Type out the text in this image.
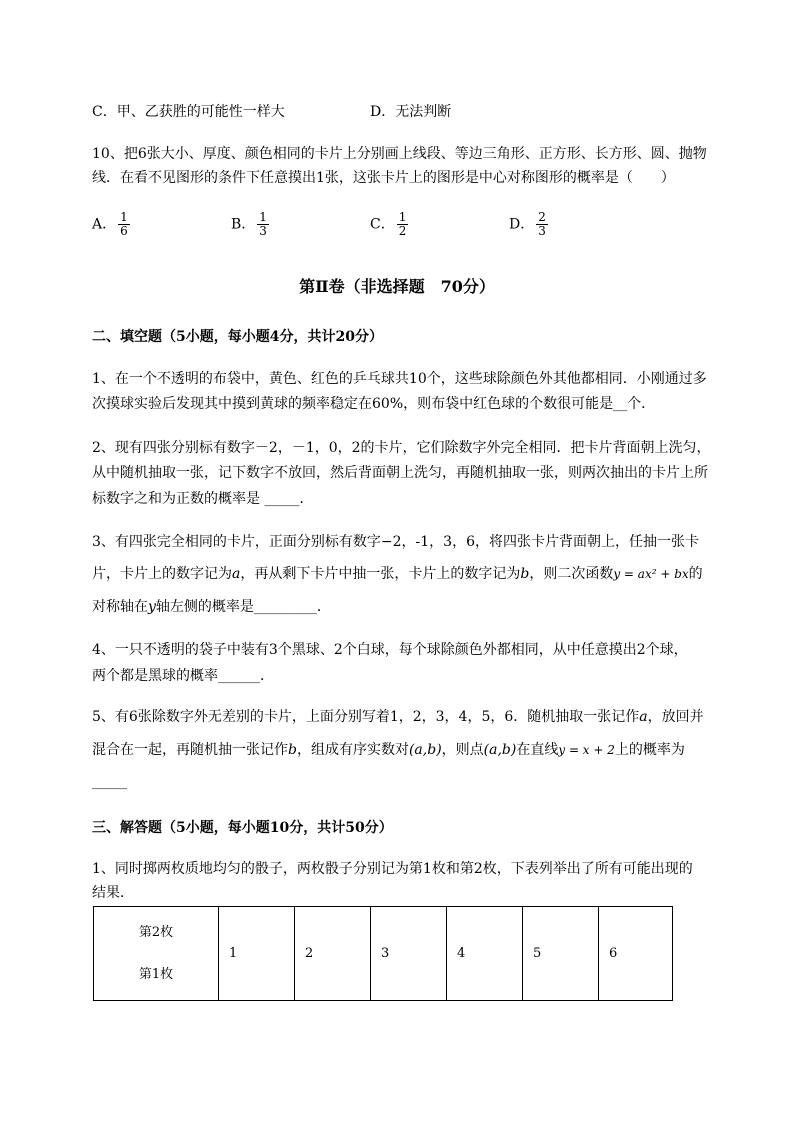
C．甲、乙获胜的可能性一样大	D．无法判断
10、把6张大小、厚度、颜色相同的卡片上分别画上线段、等边三角形、正方形、长方形、圆、抛物
线．在看不见图形的条件下任意摸出1张，这张卡片上的图形是中心对称图形的概率是（　　）
A． $\frac{1}{6}$	B． $\frac{1}{3}$	C． $\frac{1}{2}$	D． $\frac{2}{3}$
第Ⅱ卷（非选择题　70分）
二、填空题（5小题，每小题4分，共计20分）
1、在一个不透明的布袋中，黄色、红色的乒乓球共10个，这些球除颜色外其他都相同．小刚通过多
次摸球实验后发现其中摸到黄球的频率稳定在60%，则布袋中红色球的个数很可能是__个．
2、现有四张分别标有数字－2，－1，0，2的卡片，它们除数字外完全相同．把卡片背面朝上洗匀，
从中随机抽取一张，记下数字不放回，然后背面朝上洗匀，再随机抽取一张，则两次抽出的卡片上所
标数字之和为正数的概率是 _____．
3、有四张完全相同的卡片，正面分别标有数字−2，-1，3，6，将四张卡片背面朝上，任抽一张卡
片，卡片上的数字记为a，再从剩下卡片中抽一张，卡片上的数字记为b，则二次函数y = ax² + bx的
对称轴在y轴左侧的概率是_________．
4、一只不透明的袋子中装有3个黑球、2个白球，每个球除颜色外都相同，从中任意摸出2个球，
两个都是黑球的概率______．
5、有6张除数字外无差别的卡片，上面分别写着1，2，3，4，5，6．随机抽取一张记作a，放回并
混合在一起，再随机抽一张记作b，组成有序实数对(a,b)，则点(a,b)在直线y = x + 2上的概率为
_____
三、解答题（5小题，每小题10分，共计50分）
1、同时掷两枚质地均匀的骰子，两枚骰子分别记为第1枚和第2枚，下表列举出了所有可能出现的
结果．
第2枚
第1枚
	1	2	3	4	5	6
